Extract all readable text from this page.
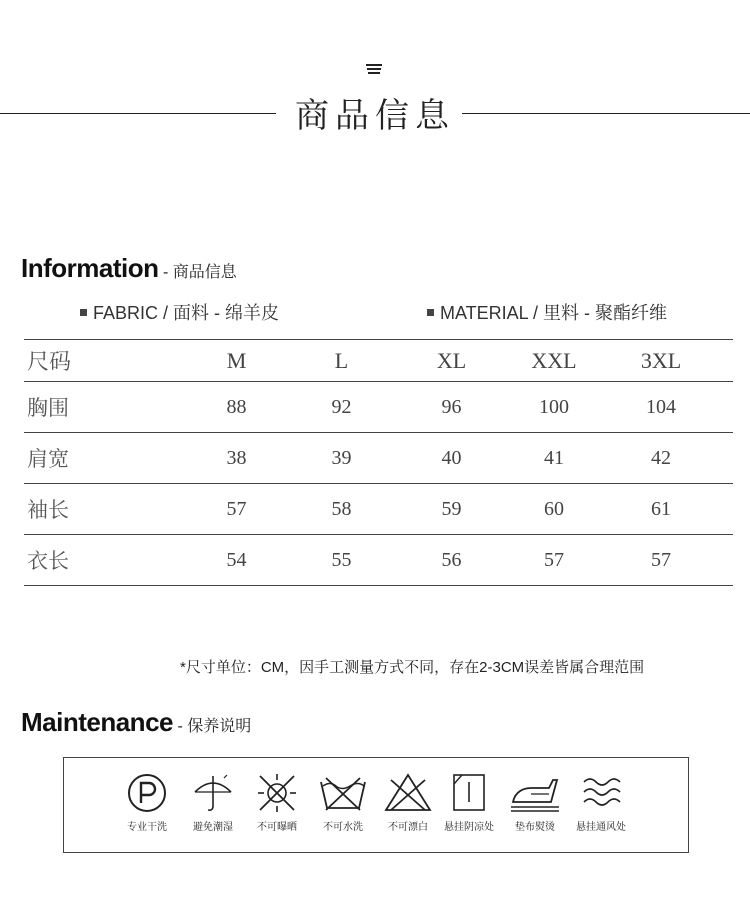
商品信息
Information - 商品信息
FABRIC / 面料 - 绵羊皮	MATERIAL / 里料 - 聚酯纤维
尺码	M	L	XL	XXL	3XL
胸围	88	92	96	100	104
肩宽	38	39	40	41	42
袖长	57	58	59	60	61
衣长	54	55	56	57	57
*尺寸单位：CM，因手工测量方式不同，存在2-3CM误差皆属合理范围
Maintenance - 保养说明
专业干洗	避免潮湿	不可曝晒	不可水洗	不可漂白	悬挂阴凉处	垫布熨烫	悬挂通风处
